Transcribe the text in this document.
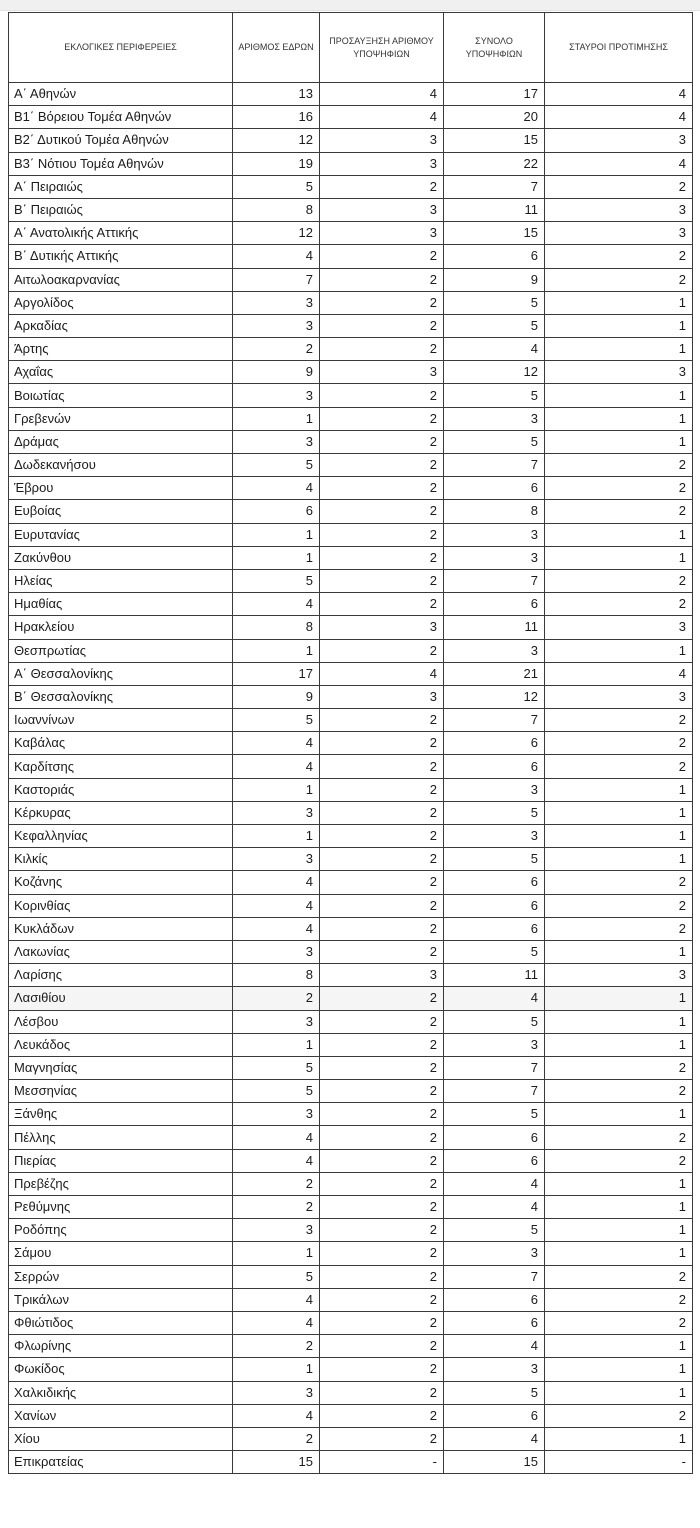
ΕΚΛΟΓΙΚΕΣ ΠΕΡΙΦΕΡΕΙΕΣ	ΑΡΙΘΜΟΣ ΕΔΡΩΝ	ΠΡΟΣΑΥΞΗΣΗ ΑΡΙΘΜΟΥ ΥΠΟΨΗΦΙΩΝ	ΣΥΝΟΛΟ ΥΠΟΨΗΦΙΩΝ	ΣΤΑΥΡΟΙ ΠΡΟΤΙΜΗΣΗΣ
Α΄ Αθηνών	13	4	17	4
Β1΄ Βόρειου Τομέα Αθηνών	16	4	20	4
Β2΄ Δυτικού Τομέα Αθηνών	12	3	15	3
Β3΄ Νότιου Τομέα Αθηνών	19	3	22	4
Α΄ Πειραιώς	5	2	7	2
Β΄ Πειραιώς	8	3	11	3
Α΄ Ανατολικής Αττικής	12	3	15	3
Β΄ Δυτικής Αττικής	4	2	6	2
Αιτωλοακαρνανίας	7	2	9	2
Αργολίδος	3	2	5	1
Αρκαδίας	3	2	5	1
Άρτης	2	2	4	1
Αχαΐας	9	3	12	3
Βοιωτίας	3	2	5	1
Γρεβενών	1	2	3	1
Δράμας	3	2	5	1
Δωδεκανήσου	5	2	7	2
Έβρου	4	2	6	2
Ευβοίας	6	2	8	2
Ευρυτανίας	1	2	3	1
Ζακύνθου	1	2	3	1
Ηλείας	5	2	7	2
Ημαθίας	4	2	6	2
Ηρακλείου	8	3	11	3
Θεσπρωτίας	1	2	3	1
Α΄ Θεσσαλονίκης	17	4	21	4
Β΄ Θεσσαλονίκης	9	3	12	3
Ιωαννίνων	5	2	7	2
Καβάλας	4	2	6	2
Καρδίτσης	4	2	6	2
Καστοριάς	1	2	3	1
Κέρκυρας	3	2	5	1
Κεφαλληνίας	1	2	3	1
Κιλκίς	3	2	5	1
Κοζάνης	4	2	6	2
Κορινθίας	4	2	6	2
Κυκλάδων	4	2	6	2
Λακωνίας	3	2	5	1
Λαρίσης	8	3	11	3
Λασιθίου	2	2	4	1
Λέσβου	3	2	5	1
Λευκάδος	1	2	3	1
Μαγνησίας	5	2	7	2
Μεσσηνίας	5	2	7	2
Ξάνθης	3	2	5	1
Πέλλης	4	2	6	2
Πιερίας	4	2	6	2
Πρεβέζης	2	2	4	1
Ρεθύμνης	2	2	4	1
Ροδόπης	3	2	5	1
Σάμου	1	2	3	1
Σερρών	5	2	7	2
Τρικάλων	4	2	6	2
Φθιώτιδος	4	2	6	2
Φλωρίνης	2	2	4	1
Φωκίδος	1	2	3	1
Χαλκιδικής	3	2	5	1
Χανίων	4	2	6	2
Χίου	2	2	4	1
Επικρατείας	15	-	15	-
